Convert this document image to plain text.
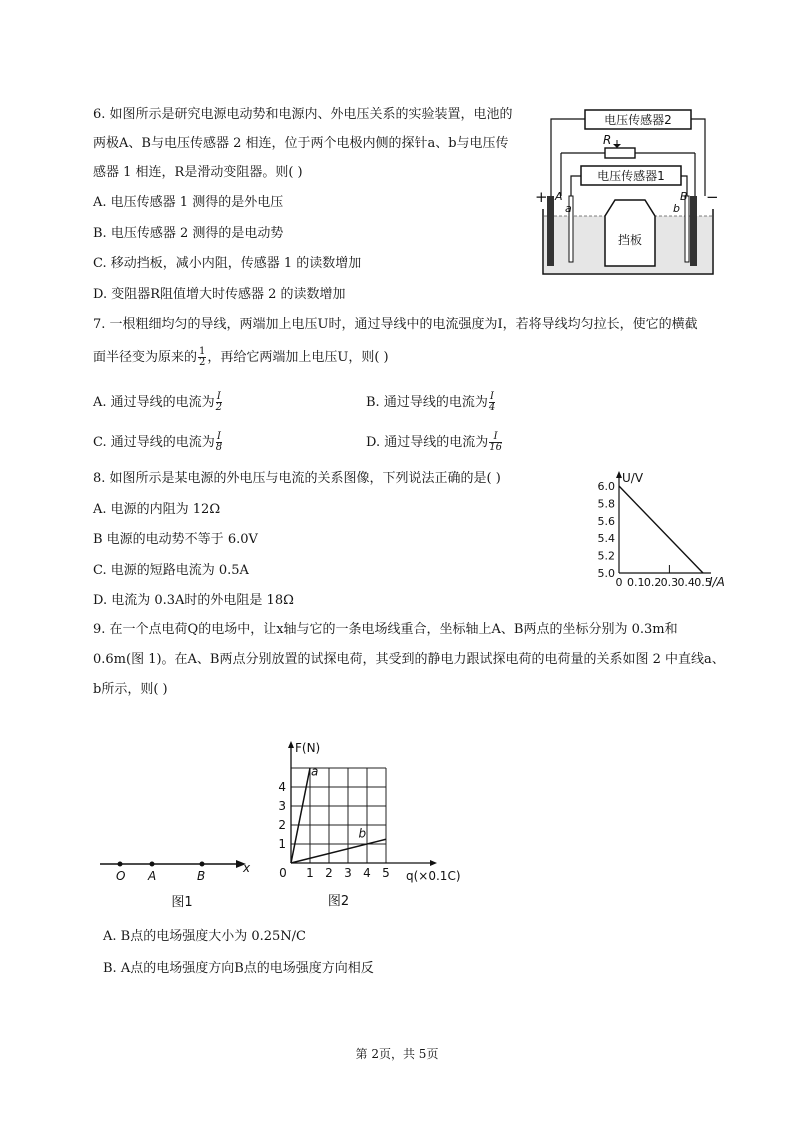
6. 如图所示是研究电源电动势和电源内、外电压关系的实验装置，电池的
两极A、B与电压传感器 2 相连，位于两个电极内侧的探针a、b与电压传
感器 1 相连，R是滑动变阻器。则( )
A. 电压传感器 1 测得的是外电压
B. 电压传感器 2 测得的是电动势
C. 移动挡板，减小内阻，传感器 1 的读数增加
D. 变阻器R阻值增大时传感器 2 的读数增加
电压传感器2
R
电压传感器1
挡板
+	−
A	B
a	b
7. 一根粗细均匀的导线，两端加上电压U时，通过导线中的电流强度为I，若将导线均匀拉长，使它的横截
面半径变为原来的 $\frac{1}{2}$ ，再给它两端加上电压U，则( )
A. 通过导线的电流为 $\frac{I}{2}$	B. 通过导线的电流为 $\frac{I}{4}$
C. 通过导线的电流为 $\frac{I}{8}$	D. 通过导线的电流为 $\frac{I}{16}$
8. 如图所示是某电源的外电压与电流的关系图像，下列说法正确的是( )
A. 电源的内阻为 12Ω
B 电源的电动势不等于 6.0V
C. 电源的短路电流为 0.5A
D. 电流为 0.3A时的外电阻是 18Ω
U/V
I/A
6.0
5.8
5.6
5.4
5.2
5.0
0 0.1 0.2 0.3 0.4 0.5
9. 在一个点电荷Q的电场中，让x轴与它的一条电场线重合，坐标轴上A、B两点的坐标分别为 0.3m和
0.6m(图 1)。在A、B两点分别放置的试探电荷，其受到的静电力跟试探电荷的电荷量的关系如图 2 中直线a、
b所示，则( )
O A	B
x
图1
F(N)
q(×0.1C)
0 1 2 3 4 5
1
2
3
4
a
b
图2
A. B点的电场强度大小为 0.25N/C
B. A点的电场强度方向B点的电场强度方向相反
第 2页，共 5页
